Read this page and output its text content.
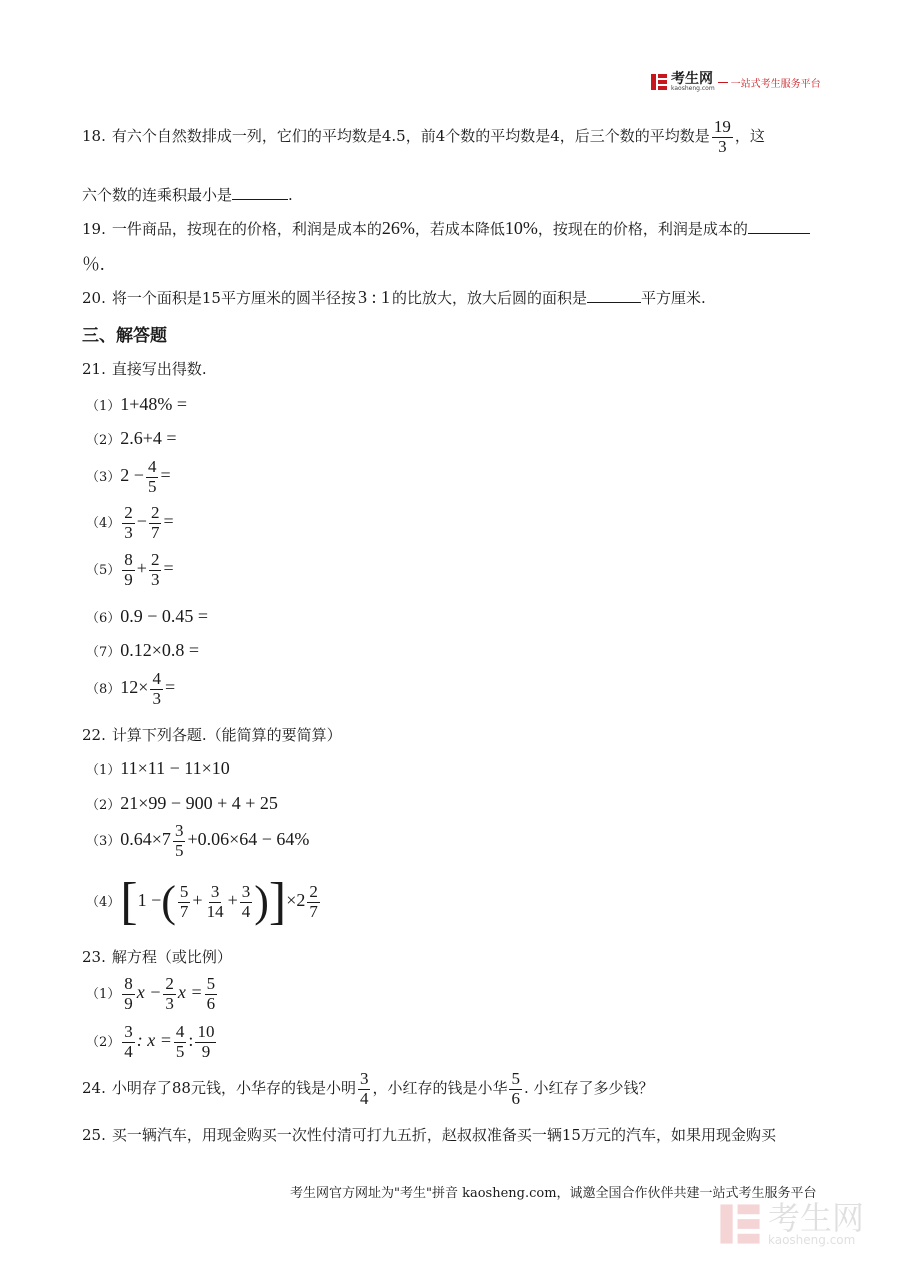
考生网
kaosheng.com 一站式考生服务平台
18. 有六个自然数排成一列，它们的平均数是4.5，前4个数的平均数是4，后三个数的平均数是 $\frac{19}{3}$ ，这
六个数的连乘积最小是	.
19. 一件商品，按现在的价格，利润是成本的26%，若成本降低10%，按现在的价格，利润是成本的
％.
20. 将一个面积是15平方厘米的圆半径按 3 : 1 的比放大，放大后圆的面积是	平方厘米.
三、解答题
21. 直接写出得数.
（1）1+48% =
（2）2.6+4 =
$(3)2 - \frac{4}{5}$ =
$(4) \frac{2}{3} - \frac{2}{7}$ =
$(5) \frac{8}{9} + \frac{2}{3}$ =
（6）0.9 − 0.45 =
（7）0.12×0.8 =
$(8)12\times \frac{4}{3}$ =
22. 计算下列各题.（能简算的要简算）
（1）11×11 − 11×10
（2）21×99 − 900 + 4 + 25
$(3)0.64\times 7 \frac{3}{5} +0.06\times 64 - 64\%$
（4）[1 −( $\frac{5}{7} + \frac{3}{14} + \frac{3}{4} )]\times 2 \frac{2}{7}$
23. 解方程（或比例）
$(1) \frac{8}{9}$ $x - \frac{2}{3}$ $x = \frac{5}{6}$
$(2) \frac{3}{4}$ : $x = \frac{4}{5}$ : $\frac{10}{9}$
24. 小明存了88元钱，小华存的钱是小明 $\frac{3}{4}$ ，小红存的钱是小华 $\frac{5}{6}$ . 小红存了多少钱？
25. 买一辆汽车，用现金购买一次性付清可打九五折，赵叔叔准备买一辆15万元的汽车，如果用现金购买
考生网官方网址为"考生"拼音 kaosheng.com，诚邀全国合作伙伴共建一站式考生服务平台
考生网
kaosheng.com
